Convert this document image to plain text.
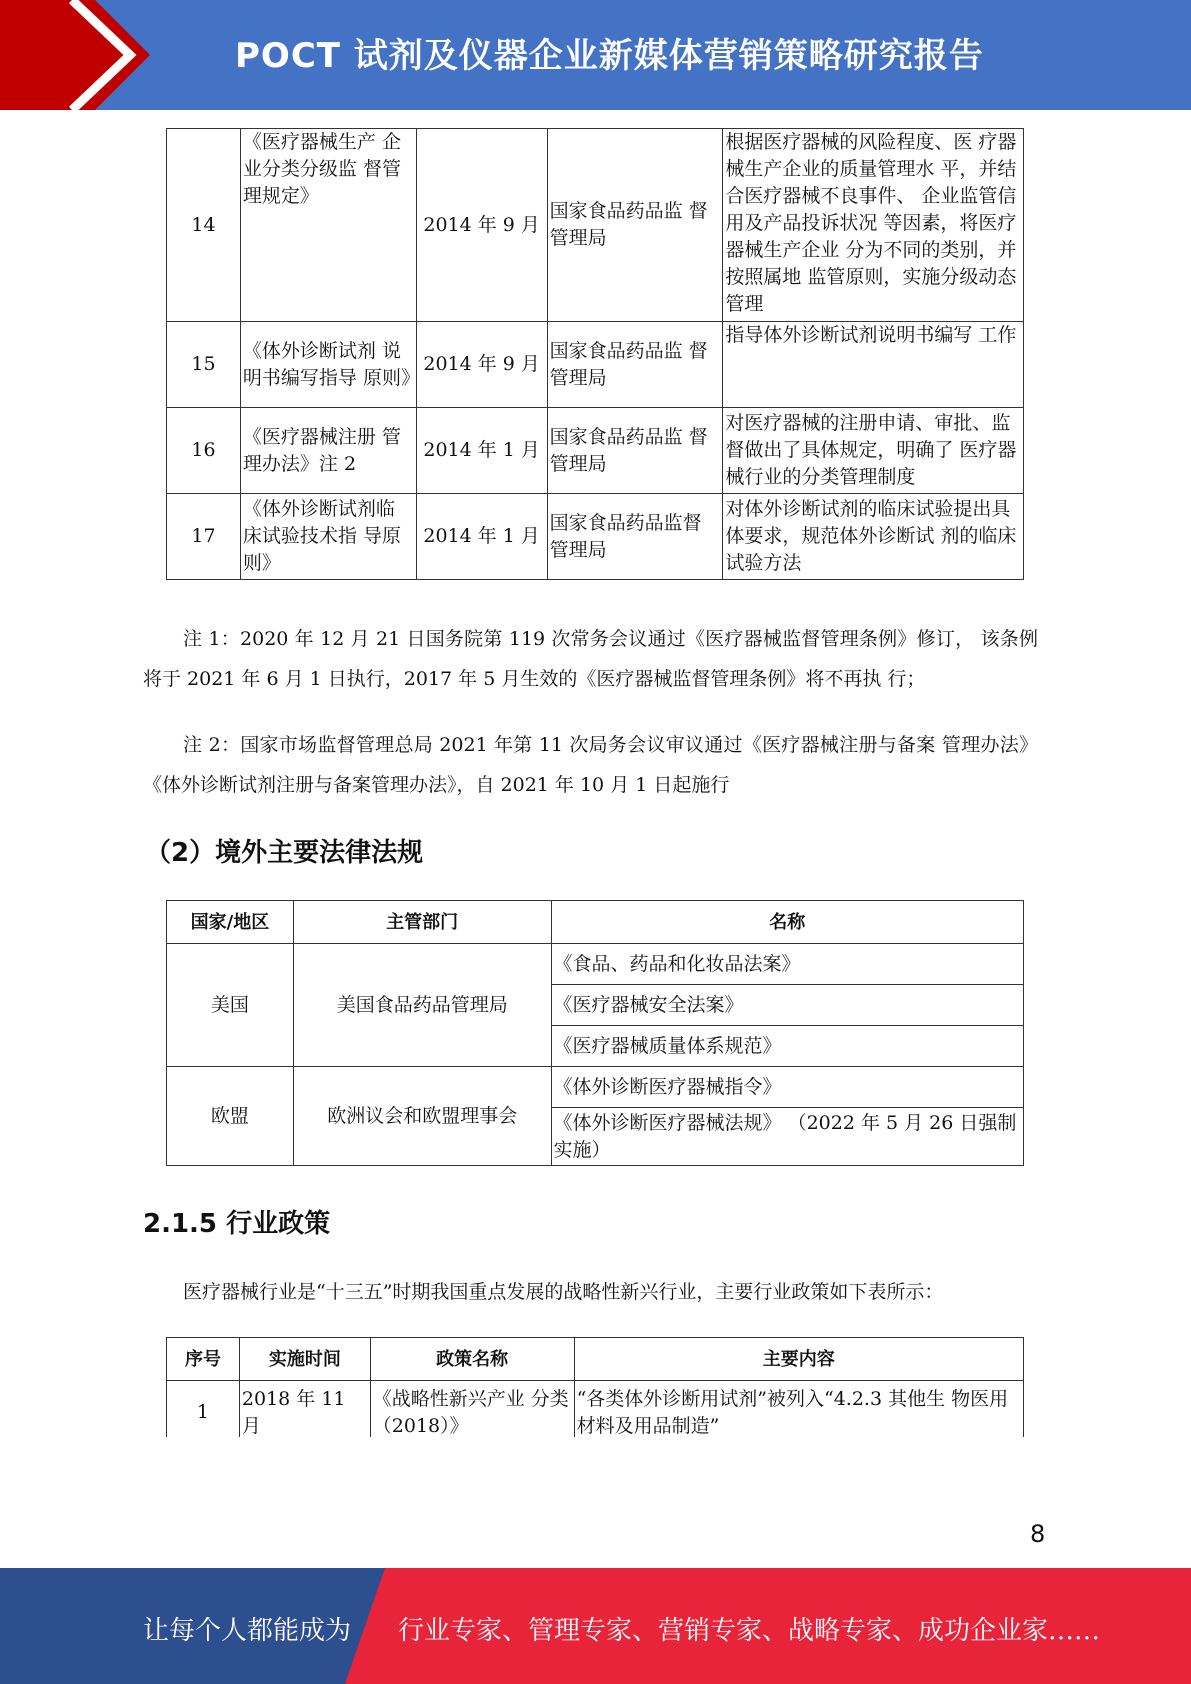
POCT 试剂及仪器企业新媒体营销策略研究报告
14	《医疗器械生产 企业分类分级监 督管理规定》	2014 年 9 月	国家食品药品监 督管理局	根据医疗器械的风险程度、医 疗器械生产企业的质量管理水 平，并结合医疗器械不良事件、 企业监管信用及产品投诉状况 等因素，将医疗器械生产企业 分为不同的类别，并按照属地 监管原则，实施分级动态管理
15	《体外诊断试剂 说明书编写指导 原则》	2014 年 9 月	国家食品药品监 督管理局	指导体外诊断试剂说明书编写 工作
16	《医疗器械注册 管理办法》注 2	2014 年 1 月	国家食品药品监 督管理局	对医疗器械的注册申请、审批、监督做出了具体规定，明确了 医疗器械行业的分类管理制度
17	《体外诊断试剂临床试验技术指 导原则》	2014 年 1 月	国家食品药品监督管理局	对体外诊断试剂的临床试验提出具体要求，规范体外诊断试 剂的临床试验方法
注 1：2020 年 12 月 21 日国务院第 119 次常务会议通过《医疗器械监督管理条例》修订， 该条例将于 2021 年 6 月 1 日执行，2017 年 5 月生效的《医疗器械监督管理条例》将不再执 行；
注 2：国家市场监督管理总局 2021 年第 11 次局务会议审议通过《医疗器械注册与备案 管理办法》《体外诊断试剂注册与备案管理办法》，自 2021 年 10 月 1 日起施行
（2）境外主要法律法规
国家/地区	主管部门	名称
美国	美国食品药品管理局	《食品、药品和化妆品法案》
		《医疗器械安全法案》
		《医疗器械质量体系规范》
欧盟	欧洲议会和欧盟理事会	《体外诊断医疗器械指令》
		《体外诊断医疗器械法规》 （2022 年 5 月 26 日强制实施）
2.1.5 行业政策
医疗器械行业是“十三五”时期我国重点发展的战略性新兴行业，主要行业政策如下表所示：
序号	实施时间	政策名称	主要内容
1	2018 年 11 月	《战略性新兴产业 分类（2018）》	“各类体外诊断用试剂”被列入“4.2.3 其他生 物医用材料及用品制造”
8
让每个人都能成为 行业专家、管理专家、营销专家、战略专家、成功企业家……
